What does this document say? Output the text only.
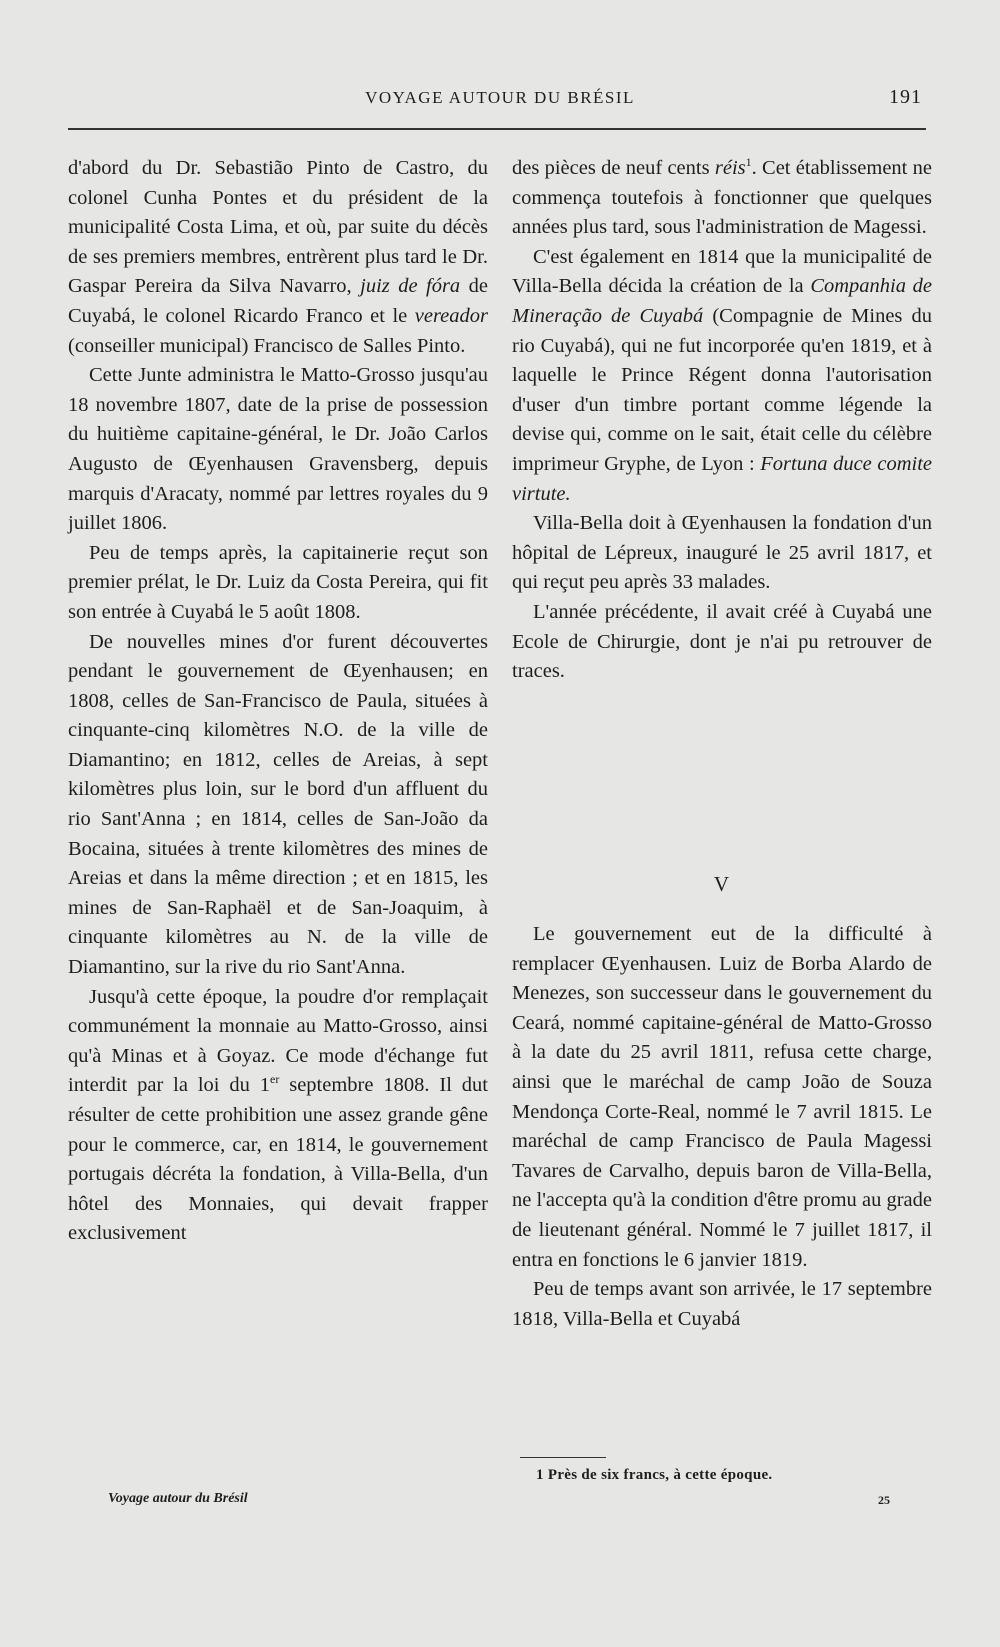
VOYAGE AUTOUR DU BRÉSIL	191

d'abord du Dr. Sebastião Pinto de Castro, du colonel Cunha Pontes et du président de la municipalité Costa Lima, et où, par suite du décès de ses premiers membres, entrèrent plus tard le Dr. Gaspar Pereira da Silva Navarro, juiz de fóra de Cuyabá, le colonel Ricardo Franco et le vereador (conseiller municipal) Francisco de Salles Pinto.

Cette Junte administra le Matto-Grosso jusqu'au 18 novembre 1807, date de la prise de possession du huitième capitaine-général, le Dr. João Carlos Augusto de Œyenhausen Gravensberg, depuis marquis d'Aracaty, nommé par lettres royales du 9 juillet 1806.

Peu de temps après, la capitainerie reçut son premier prélat, le Dr. Luiz da Costa Pereira, qui fit son entrée à Cuyabá le 5 août 1808.

De nouvelles mines d'or furent découvertes pendant le gouvernement de Œyenhausen; en 1808, celles de San-Francisco de Paula, situées à cinquante-cinq kilomètres N.O. de la ville de Diamantino; en 1812, celles de Areias, à sept kilomètres plus loin, sur le bord d'un affluent du rio Sant'Anna ; en 1814, celles de San-João da Bocaina, situées à trente kilomètres des mines de Areias et dans la même direction ; et en 1815, les mines de San-Raphaël et de San-Joaquim, à cinquante kilomètres au N. de la ville de Diamantino, sur la rive du rio Sant'Anna.

Jusqu'à cette époque, la poudre d'or remplaçait communément la monnaie au Matto-Grosso, ainsi qu'à Minas et à Goyaz. Ce mode d'échange fut interdit par la loi du 1er septembre 1808. Il dut résulter de cette prohibition une assez grande gêne pour le commerce, car, en 1814, le gouvernement portugais décréta la fondation, à Villa-Bella, d'un hôtel des Monnaies, qui devait frapper exclusivement

des pièces de neuf cents réis$^1$. Cet établissement ne commença toutefois à fonctionner que quelques années plus tard, sous l'administration de Magessi.

C'est également en 1814 que la municipalité de Villa-Bella décida la création de la Companhia de Mineração de Cuyabá (Compagnie de Mines du rio Cuyabá), qui ne fut incorporée qu'en 1819, et à laquelle le Prince Régent donna l'autorisation d'user d'un timbre portant comme légende la devise qui, comme on le sait, était celle du célèbre imprimeur Gryphe, de Lyon : Fortuna duce comite virtute.

Villa-Bella doit à Œyenhausen la fondation d'un hôpital de Lépreux, inauguré le 25 avril 1817, et qui reçut peu après 33 malades.

L'année précédente, il avait créé à Cuyabá une Ecole de Chirurgie, dont je n'ai pu retrouver de traces.

V

Le gouvernement eut de la difficulté à remplacer Œyenhausen. Luiz de Borba Alardo de Menezes, son successeur dans le gouvernement du Ceará, nommé capitaine-général de Matto-Grosso à la date du 25 avril 1811, refusa cette charge, ainsi que le maréchal de camp João de Souza Mendonça Corte-Real, nommé le 7 avril 1815. Le maréchal de camp Francisco de Paula Magessi Tavares de Carvalho, depuis baron de Villa-Bella, ne l'accepta qu'à la condition d'être promu au grade de lieutenant général. Nommé le 7 juillet 1817, il entra en fonctions le 6 janvier 1819.

Peu de temps avant son arrivée, le 17 septembre 1818, Villa-Bella et Cuyabá

1 Près de six francs, à cette époque.
Voyage autour du Brésil	25
